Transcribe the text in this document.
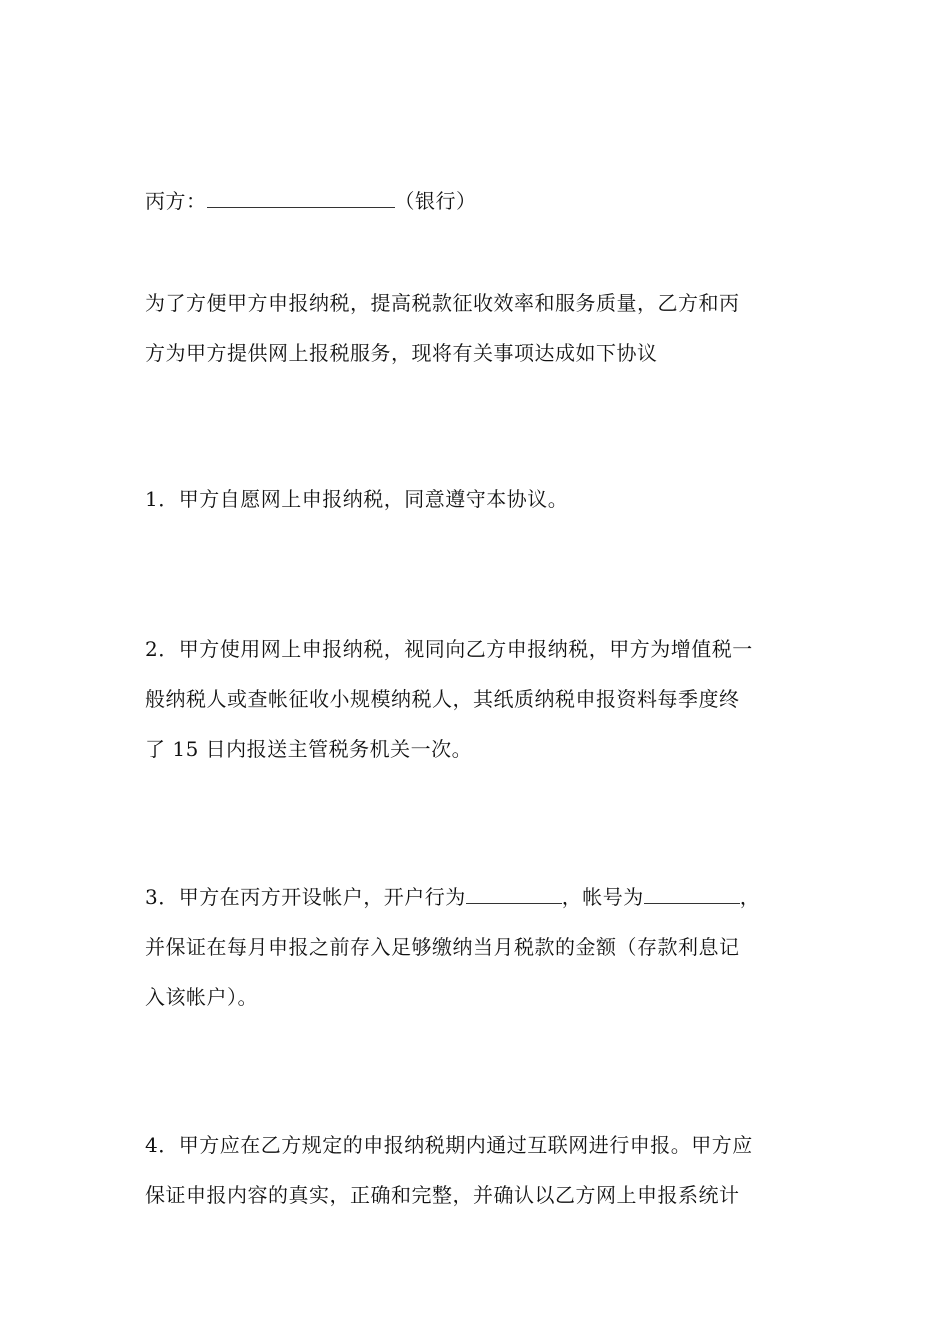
丙方：	（银行）
为了方便甲方申报纳税，提高税款征收效率和服务质量，乙方和丙
方为甲方提供网上报税服务，现将有关事项达成如下协议
1．甲方自愿网上申报纳税，同意遵守本协议。
2．甲方使用网上申报纳税，视同向乙方申报纳税，甲方为增值税一
般纳税人或查帐征收小规模纳税人，其纸质纳税申报资料每季度终
了 15 日内报送主管税务机关一次。
3．甲方在丙方开设帐户，开户行为	，帐号为	，
并保证在每月申报之前存入足够缴纳当月税款的金额（存款利息记
入该帐户）。
4．甲方应在乙方规定的申报纳税期内通过互联网进行申报。甲方应
保证申报内容的真实，正确和完整，并确认以乙方网上申报系统计
